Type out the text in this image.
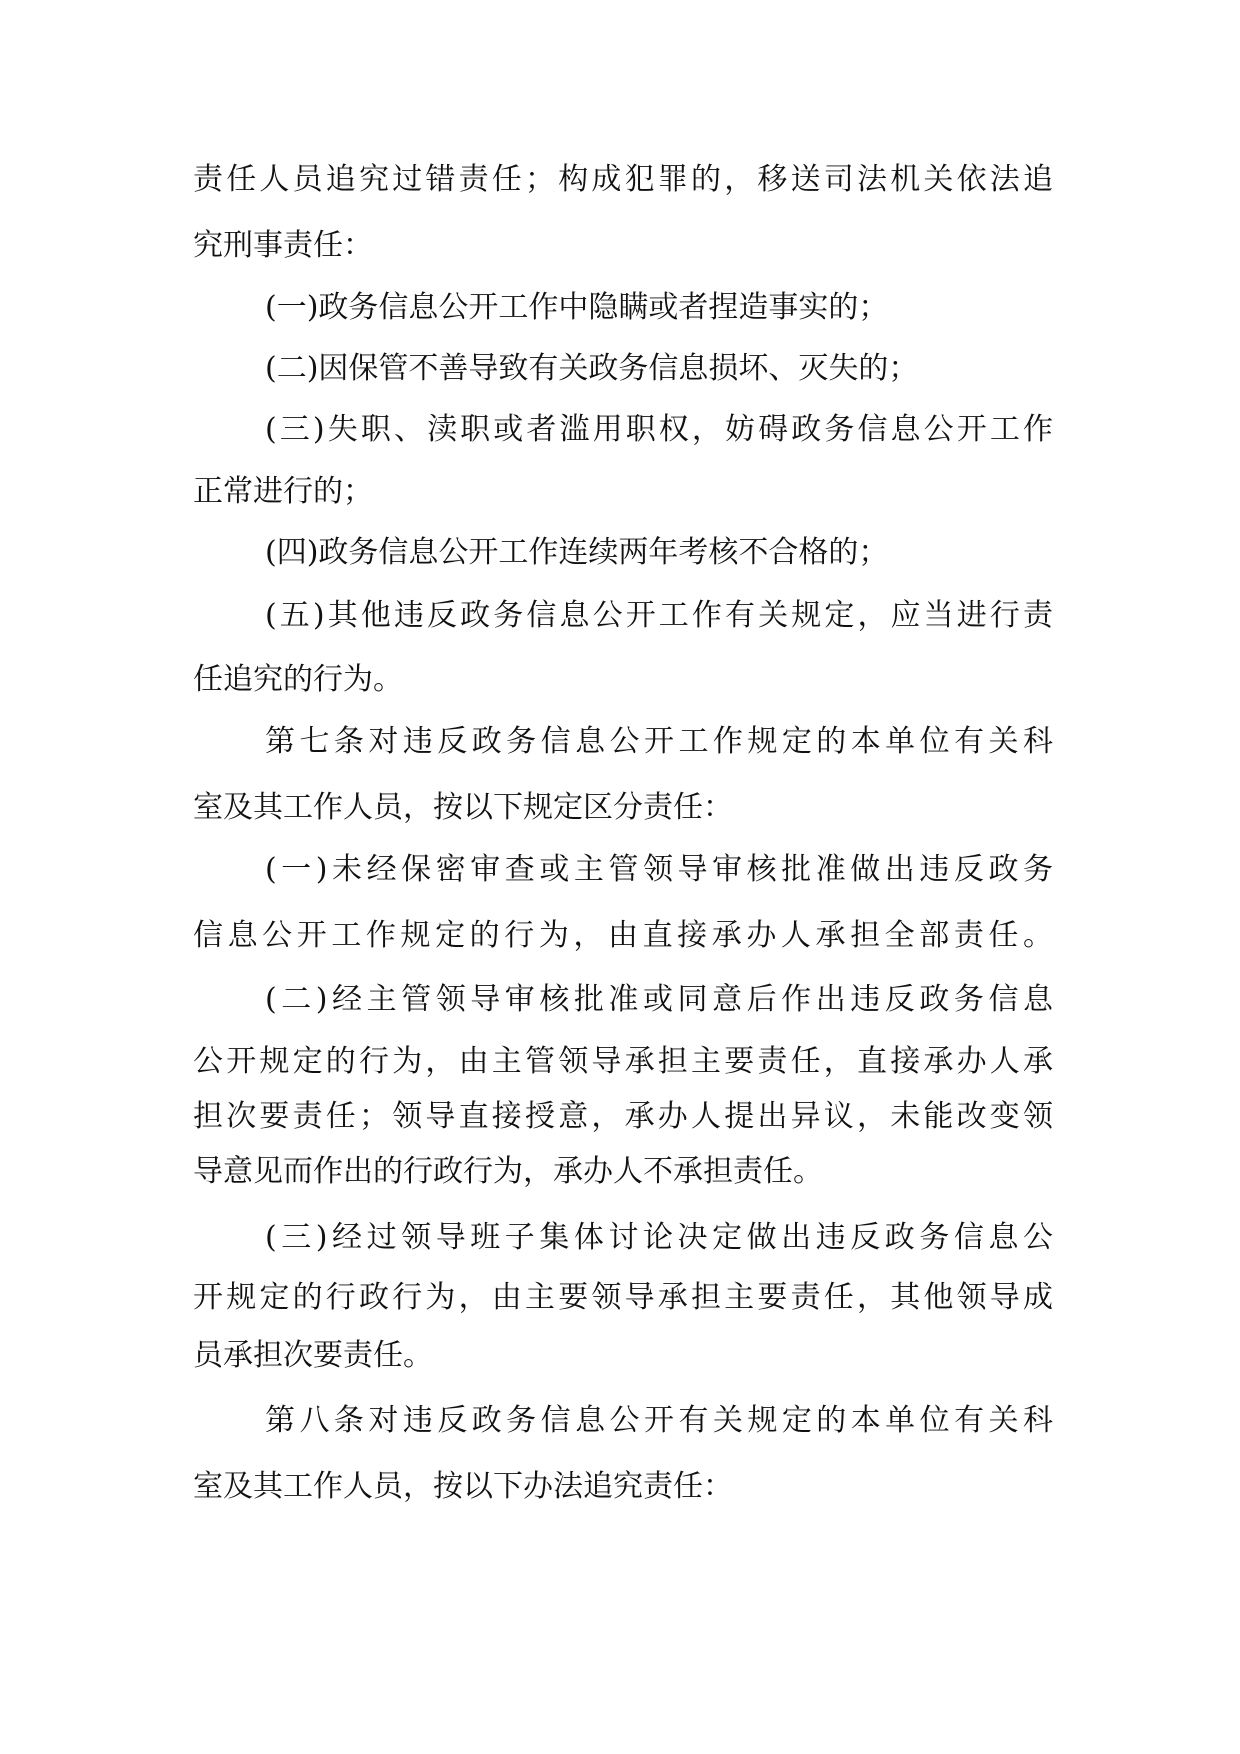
责任人员追究过错责任；构成犯罪的，移送司法机关依法追
究刑事责任：
(一)政务信息公开工作中隐瞒或者捏造事实的；
(二)因保管不善导致有关政务信息损坏、灭失的；
(三)失职、渎职或者滥用职权，妨碍政务信息公开工作
正常进行的；
(四)政务信息公开工作连续两年考核不合格的；
(五)其他违反政务信息公开工作有关规定，应当进行责
任追究的行为。
第七条对违反政务信息公开工作规定的本单位有关科
室及其工作人员，按以下规定区分责任：
(一)未经保密审查或主管领导审核批准做出违反政务
信息公开工作规定的行为，由直接承办人承担全部责任。
(二)经主管领导审核批准或同意后作出违反政务信息
公开规定的行为，由主管领导承担主要责任，直接承办人承
担次要责任；领导直接授意，承办人提出异议，未能改变领
导意见而作出的行政行为，承办人不承担责任。
(三)经过领导班子集体讨论决定做出违反政务信息公
开规定的行政行为，由主要领导承担主要责任，其他领导成
员承担次要责任。
第八条对违反政务信息公开有关规定的本单位有关科
室及其工作人员，按以下办法追究责任：
